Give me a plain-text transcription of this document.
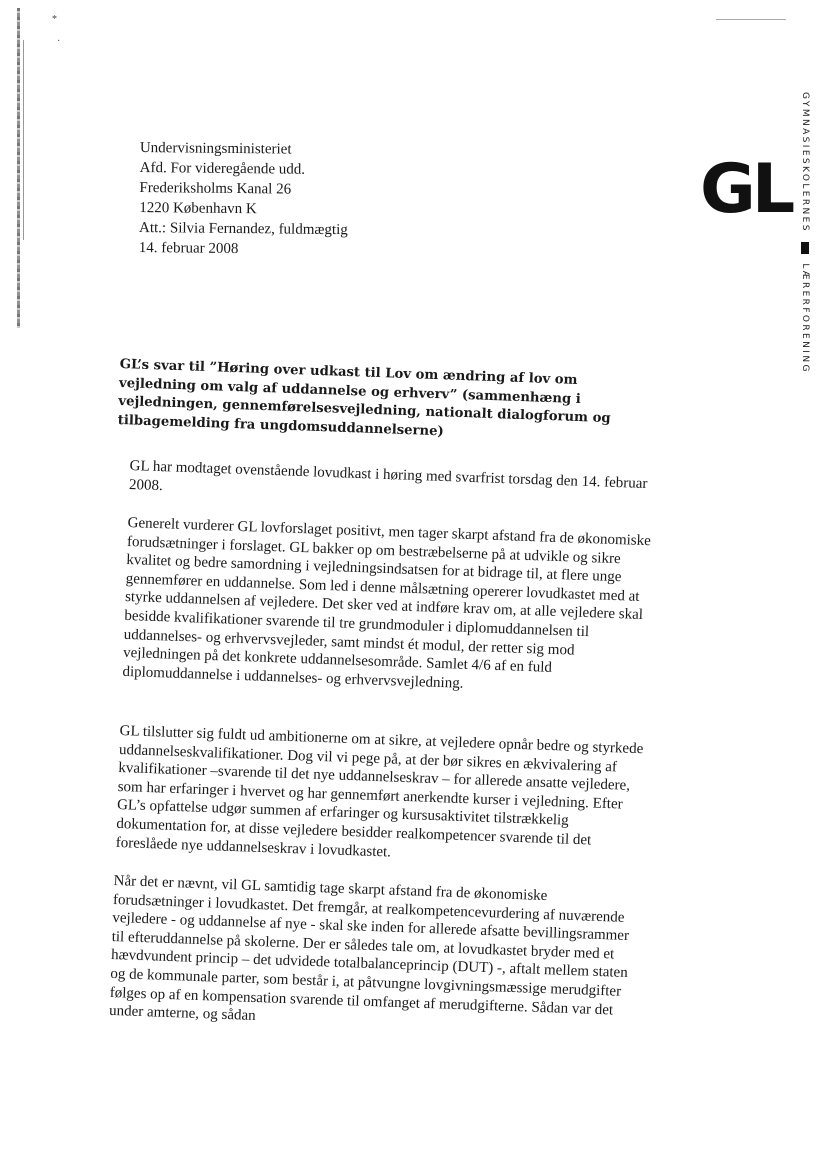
*
·
GL GYMNASIESKOLERNES  LÆRERFORENING
Undervisningsministeriet
Afd. For videregående udd.
Frederiksholms Kanal 26
1220 København K
Att.: Silvia Fernandez, fuldmægtig
14. februar 2008
GL’s svar til ”Høring over udkast til Lov om ændring af lov om vejledning om valg af uddannelse og erhverv” (sammenhæng i vejledningen, gennemførelsesvejledning, nationalt dialogforum og tilbagemelding fra ungdomsuddannelserne)
GL har modtaget ovenstående lovudkast i høring med svarfrist torsdag den 14. februar 2008.
Generelt vurderer GL lovforslaget positivt, men tager skarpt afstand fra de økonomiske forudsætninger i forslaget. GL bakker op om bestræbelserne på at udvikle og sikre kvalitet og bedre samordning i vejledningsindsatsen for at bidrage til, at flere unge gennemfører en uddannelse. Som led i denne målsætning opererer lovudkastet med at styrke uddannelsen af vejledere. Det sker ved at indføre krav om, at alle vejledere skal besidde kvalifikationer svarende til tre grundmoduler i diplomuddannelsen til uddannelses- og erhvervsvejleder, samt mindst ét modul, der retter sig mod vejledningen på det konkrete uddannelsesområde. Samlet 4/6 af en fuld diplomuddannelse i uddannelses- og erhvervsvejledning.
GL tilslutter sig fuldt ud ambitionerne om at sikre, at vejledere opnår bedre og styrkede uddannelseskvalifikationer. Dog vil vi pege på, at der bør sikres en ækvivalering af kvalifikationer –svarende til det nye uddannelseskrav – for allerede ansatte vejledere, som har erfaringer i hvervet og har gennemført anerkendte kurser i vejledning. Efter GL’s opfattelse udgør summen af erfaringer og kursusaktivitet tilstrækkelig dokumentation for, at disse vejledere besidder realkompetencer svarende til det foreslåede nye uddannelseskrav i lovudkastet.
Når det er nævnt, vil GL samtidig tage skarpt afstand fra de økonomiske forudsætninger i lovudkastet. Det fremgår, at realkompetencevurdering af nuværende vejledere - og uddannelse af nye - skal ske inden for allerede afsatte bevillingsrammer til efteruddannelse på skolerne. Der er således tale om, at lovudkastet bryder med et hævdvundent princip – det udvidede totalbalanceprincip (DUT) -, aftalt mellem staten og de kommunale parter, som består i, at påtvungne lovgivningsmæssige merudgifter følges op af en kompensation svarende til omfanget af merudgifterne. Sådan var det under amterne, og sådan
